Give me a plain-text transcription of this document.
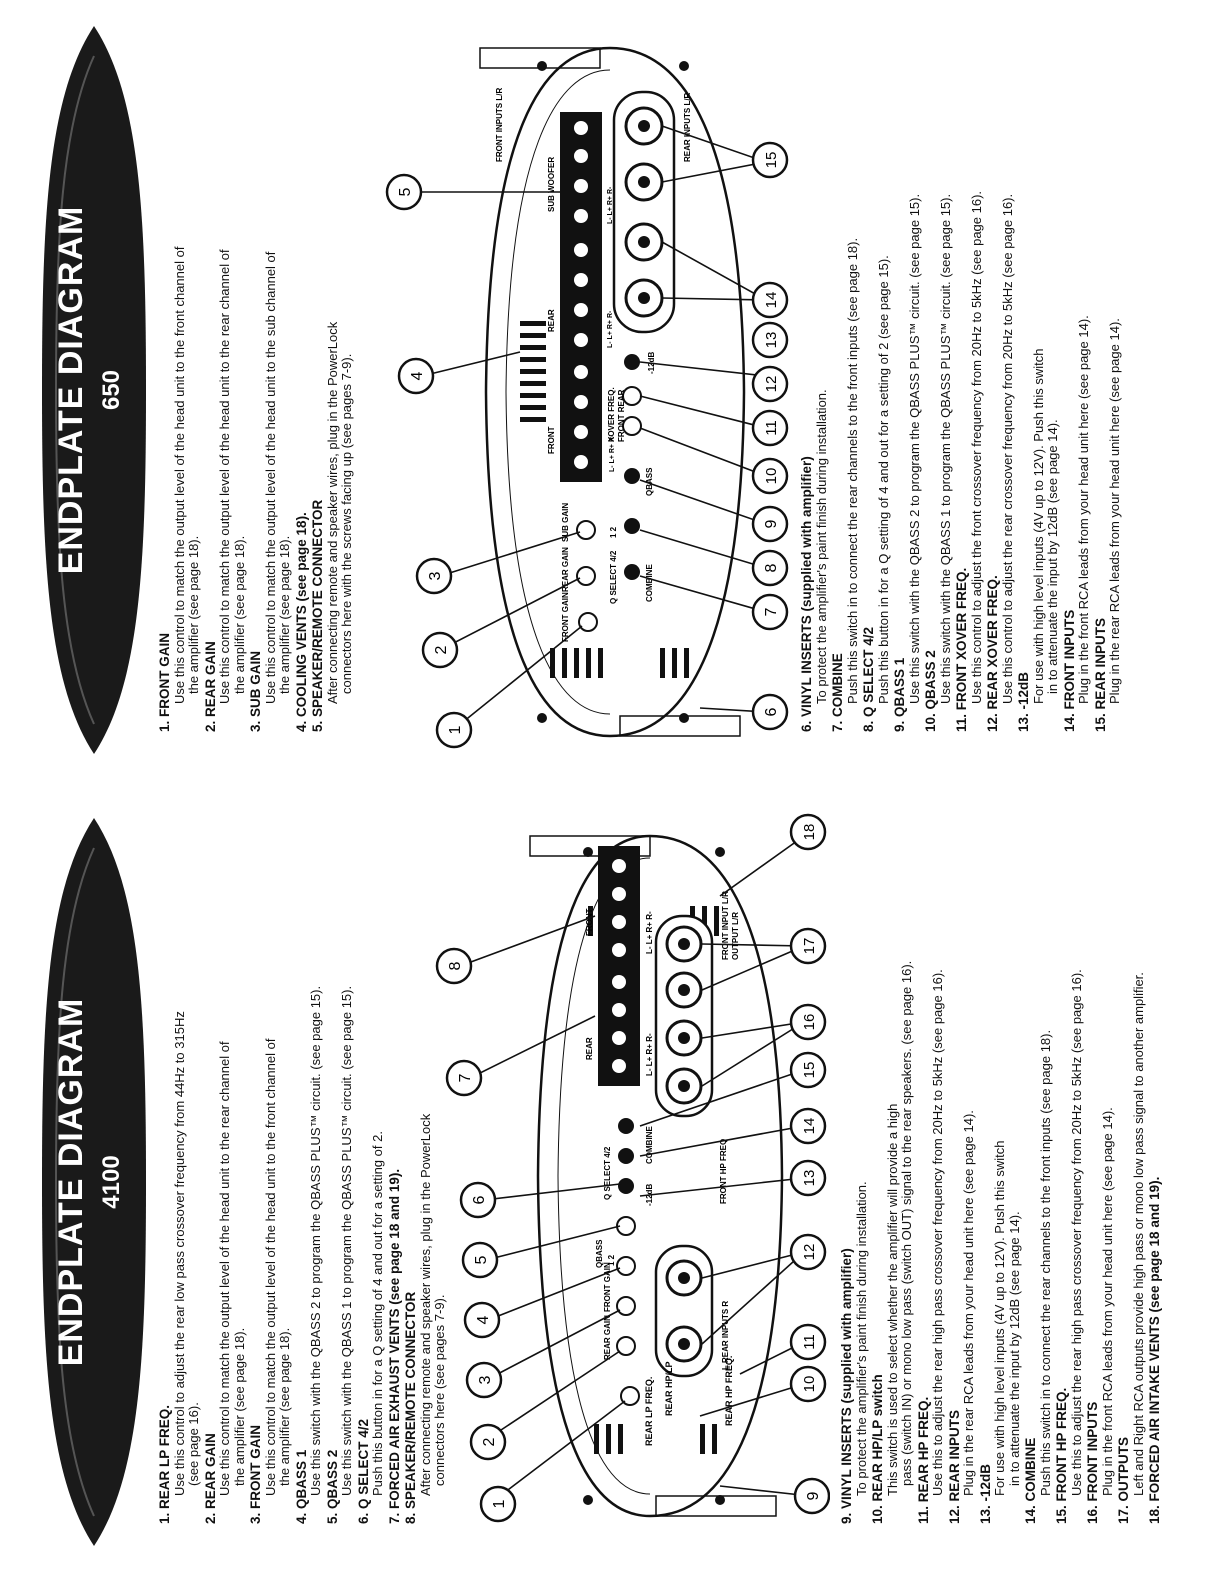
ENDPLATE DIAGRAM 4100
1. REAR LP FREQ. Use this control to adjust the rear low pass crossover frequency from 44Hz to 315Hz (see page 16). 2. REAR GAIN Use this control to match the output level of the head unit to the rear channel of the amplifier (see page 18). 3. FRONT GAIN Use this control to match the output level of the head unit to the front channel of the amplifier (see page 18).
4. QBASS 1 Use this switch with the QBASS 2 to program the QBASS PLUS™ circuit. (see page 15). 5. QBASS 2 Use this switch with the QBASS 1 to program the QBASS PLUS™ circuit. (see page 15). 6. Q SELECT 4/2 Push this button in for a Q setting of 4 and out for a setting of 2. 7. FORCED AIR EXHAUST VENTS (see page 18 and 19). 8. SPEAKER/REMOTE CONNECTOR After connecting remote and speaker wires, plug in the PowerLock connectors here (see pages 7-9).	REAR LP FREQ. REAR HP/LP	REAR HP FREQ.
REAR GAIN
FRONT GAIN
QBASS 1 2
Q SELECT 4/2	-12dB
COMBINE	FRONT HP FREQ
L REAR INPUTS R
REAR	L- L+ R+ R-
FRONT	L- L+ R+ R-	FRONT INPUT L/R OUTPUT L/R
1
2
3
4
5
6
7
8
9
10
11
12
13
14
15
16
17
18
9. VINYL INSERTS (supplied with amplifier) To protect the amplifier's paint finish during installation. 10. REAR HP/LP switch This switch is used to select whether the amplifier will provide a high pass (switch IN) or mono low pass (switch OUT) signal to the rear speakers. (see page 16). 11. REAR HP FREQ. Use this to adjust the rear high pass crossover frequency from 20Hz to 5kHz (see page 16). 12. REAR INPUTS Plug in the rear RCA leads from your head unit here (see page 14). 13. -12dB For use with high level inputs (4V up to 12V). Push this switch in to attenuate the input by 12dB (see page 14). 14. COMBINE Push this switch in to connect the rear channels to the front inputs (see page 18). 15. FRONT HP FREQ. Use this to adjust the rear high pass crossover frequency from 20Hz to 5kHz (see page 16). 16. FRONT INPUTS Plug in the front RCA leads from your head unit here (see page 14). 17. OUTPUTS Left and Right RCA outputs provide high pass or mono low pass signal to another amplifier. 18. FORCED AIR INTAKE VENTS (see page 18 and 19).
ENDPLATE DIAGRAM 650
1. FRONT GAIN Use this control to match the output level of the head unit to the front channel of the amplifier (see page 18). 2. REAR GAIN Use this control to match the output level of the head unit to the rear channel of the amplifier (see page 18). 3. SUB GAIN Use this control to match the output level of the head unit to the sub channel of the amplifier (see page 18). 4. COOLING VENTS (see page 18). 5. SPEAKER/REMOTE CONNECTOR After connecting remote and speaker wires, plug in the PowerLock connectors here with the screws facing up (see pages 7-9).	FRONT GAIN
REAR GAIN
SUB GAIN
Q SELECT 4/2	COMBINE
QBASS
1 2
XOVER FREQ. FRONT REAR
-12dB
FRONT	L- L+ R+ R-
REAR	L- L+ R+ R-
SUB WOOFER	L- L+ R+ R-
FRONT INPUTS L/R	REAR INPUTS L/R
1
2
3
4
5
6
7
8
9
10
11
12
13
14
15
6. VINYL INSERTS (supplied with amplifier) To protect the amplifier's paint finish during installation. 7. COMBINE Push this switch in to connect the rear channels to the front inputs (see page 18). 8. Q SELECT 4/2 Push this button in for a Q setting of 4 and out for a setting of 2 (see page 15). 9. QBASS 1 Use this switch with the QBASS 2 to program the QBASS PLUS™ circuit. (see page 15). 10. QBASS 2 Use this switch with the QBASS 1 to program the QBASS PLUS™ circuit. (see page 15). 11. FRONT XOVER FREQ. Use this control to adjust the front crossover frequency from 20Hz to 5kHz (see page 16). 12. REAR XOVER FREQ. Use this control to adjust the rear crossover frequency from 20Hz to 5kHz (see page 16). 13. -12dB For use with high level inputs (4V up to 12V). Push this switch in to attenuate the input by 12dB (see page 14). 14. FRONT INPUTS Plug in the front RCA leads from your head unit here (see page 14). 15. REAR INPUTS Plug in the rear RCA leads from your head unit here (see page 14).
